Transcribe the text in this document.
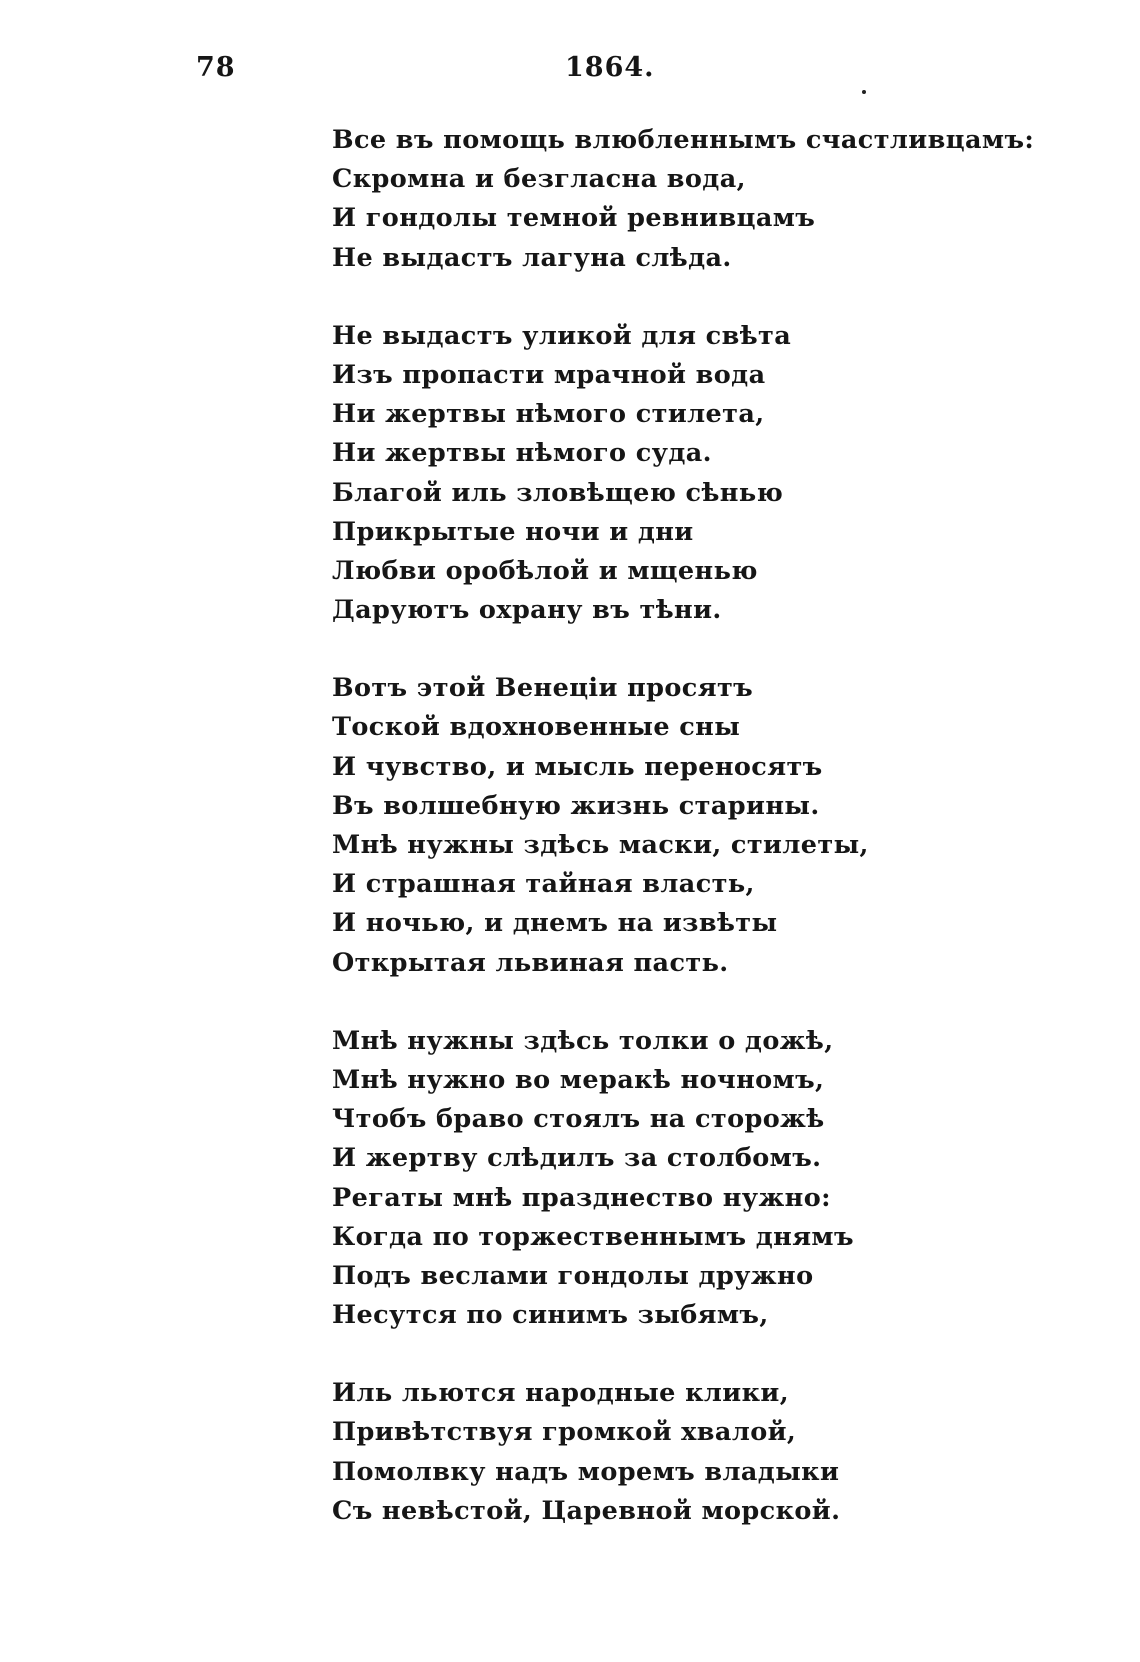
78	1864.
Все въ помощь влюбленнымъ счастливцамъ:
Скромна и безгласна вода,
И гондолы темной ревнивцамъ
Не выдастъ лагуна слѣда.
Не выдастъ уликой для свѣта
Изъ пропасти мрачной вода
Ни жертвы нѣмого стилета,
Ни жертвы нѣмого суда.
Благой иль зловѣщею сѣнью
Прикрытые ночи и дни
Любви оробѣлой и мщенью
Даруютъ охрану въ тѣни.
Вотъ этой Венеціи просятъ
Тоской вдохновенные сны
И чувство, и мысль переносятъ
Въ волшебную жизнь старины.
Мнѣ нужны здѣсь маски, стилеты,
И страшная тайная власть,
И ночью, и днемъ на извѣты
Открытая львиная пасть.
Мнѣ нужны здѣсь толки о дожѣ,
Мнѣ нужно во меракѣ ночномъ,
Чтобъ браво стоялъ на сторожѣ
И жертву слѣдилъ за столбомъ.
Регаты мнѣ празднество нужно:
Когда по торжественнымъ днямъ
Подъ веслами гондолы дружно
Несутся по синимъ зыбямъ,
Иль льются народные клики,
Привѣтствуя громкой хвалой,
Помолвку надъ моремъ владыки
Съ невѣстой, Царевной морской.
